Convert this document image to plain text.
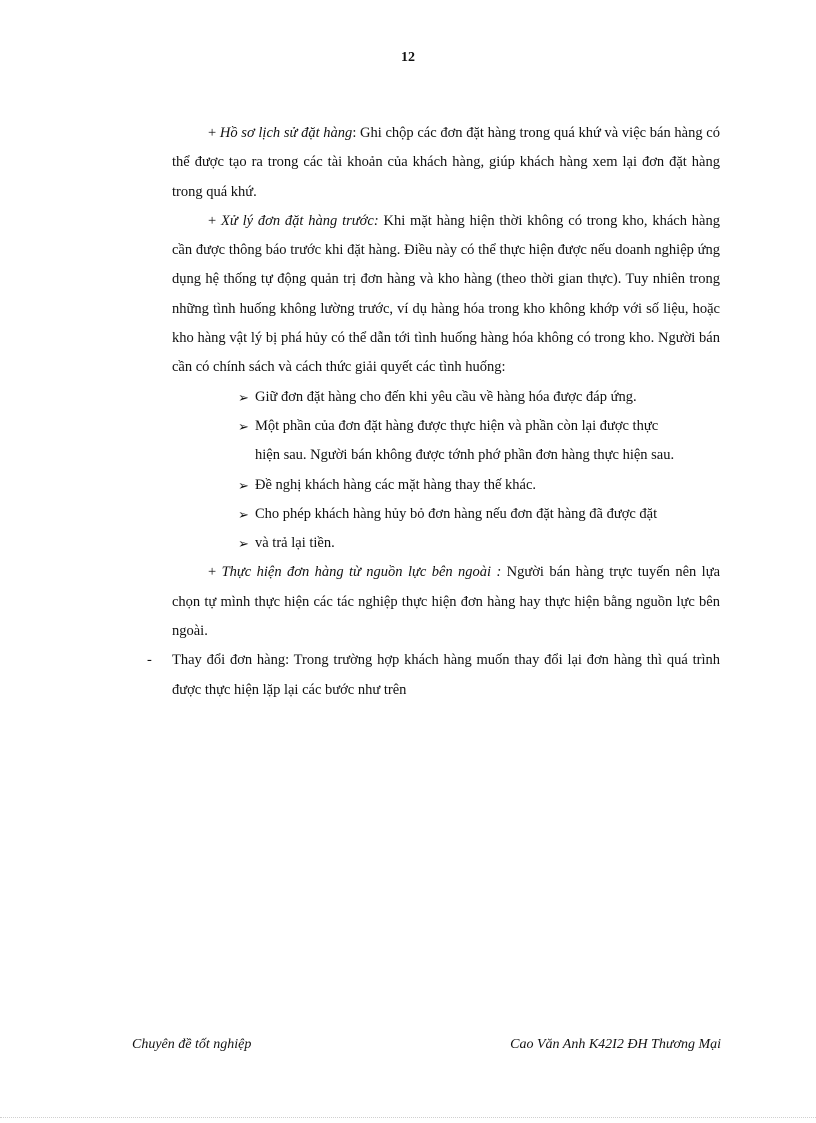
12

+ Hồ sơ lịch sử đặt hàng: Ghi chộp các đơn đặt hàng trong quá khứ và việc bán hàng có thể được tạo ra trong các tài khoản của khách hàng, giúp khách hàng xem lại đơn đặt hàng trong quá khứ.

+ Xử lý đơn đặt hàng trước: Khi mặt hàng hiện thời không có trong kho, khách hàng cần được thông báo trước khi đặt hàng. Điều này có thể thực hiện được nếu doanh nghiệp ứng dụng hệ thống tự động quản trị đơn hàng và kho hàng (theo thời gian thực). Tuy nhiên trong những tình huống không lường trước, ví dụ hàng hóa trong kho không khớp với số liệu, hoặc kho hàng vật lý bị phá hủy có thể dẫn tới tình huống hàng hóa không có trong kho. Người bán cần có chính sách và cách thức giải quyết các tình huống:

➢ Giữ đơn đặt hàng cho đến khi yêu cầu về hàng hóa được đáp ứng.
➢ Một phần của đơn đặt hàng được thực hiện và phần còn lại được thực
hiện sau. Người bán không được tớnh phớ phần đơn hàng thực hiện sau.
➢ Đề nghị khách hàng các mặt hàng thay thế khác.
➢ Cho phép khách hàng hủy bỏ đơn hàng nếu đơn đặt hàng đã được đặt
➢ và trả lại tiền.

+ Thực hiện đơn hàng từ nguồn lực bên ngoài : Người bán hàng trực tuyến nên lựa chọn tự mình thực hiện các tác nghiệp thực hiện đơn hàng hay thực hiện bằng nguồn lực bên ngoài.

- Thay đổi đơn hàng: Trong trường hợp khách hàng muốn thay đổi lại đơn hàng thì quá trình được thực hiện lặp lại các bước như trên

Chuyên đề tốt nghiệp	Cao Văn Anh K42I2 ĐH Thương Mại
